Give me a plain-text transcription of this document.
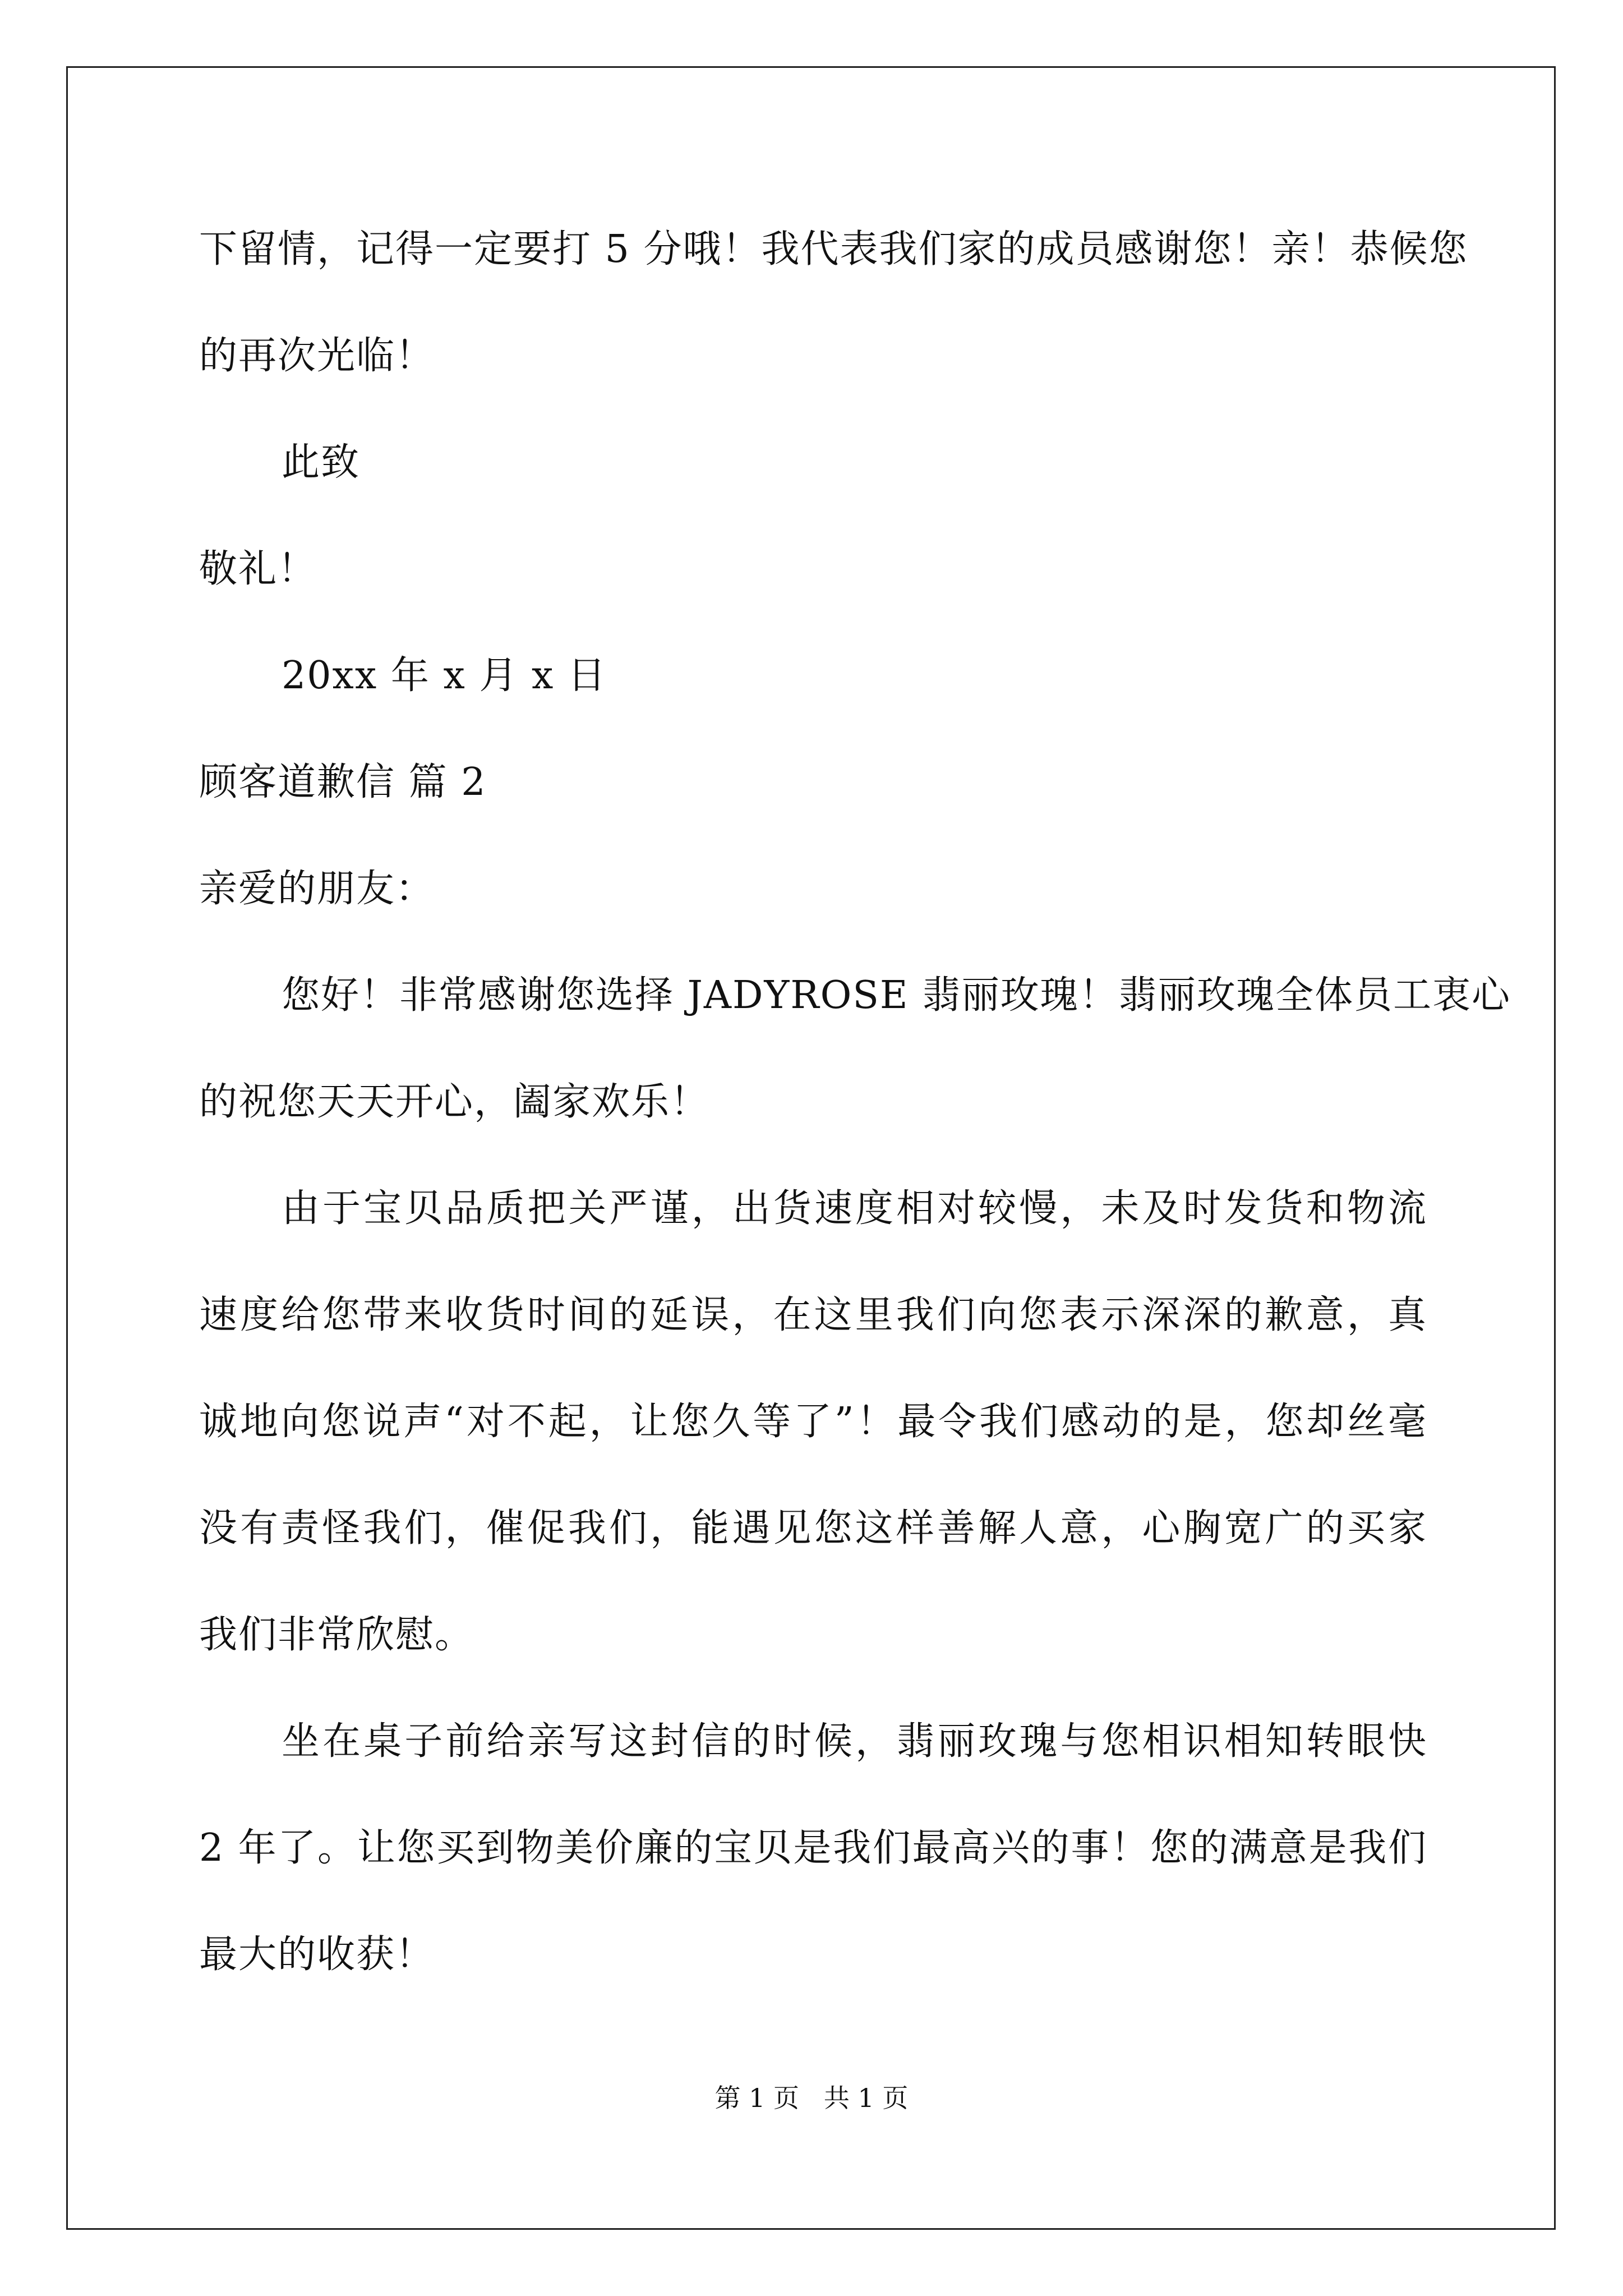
下留情，记得一定要打 5 分哦！我代表我们家的成员感谢您！亲！恭候您
的再次光临！
此致
敬礼！
20xx 年 x 月 x 日
顾客道歉信 篇 2
亲爱的朋友：
您好！非常感谢您选择 JADYROSE 翡丽玫瑰！翡丽玫瑰全体员工衷心
的祝您天天开心，阖家欢乐！
由于宝贝品质把关严谨，出货速度相对较慢，未及时发货和物流
速度给您带来收货时间的延误，在这里我们向您表示深深的歉意，真
诚地向您说声“对不起，让您久等了”！最令我们感动的是，您却丝毫
没有责怪我们，催促我们，能遇见您这样善解人意，心胸宽广的买家
我们非常欣慰。
坐在桌子前给亲写这封信的时候，翡丽玫瑰与您相识相知转眼快
2 年了。让您买到物美价廉的宝贝是我们最高兴的事！您的满意是我们
最大的收获！
第 1 页   共 1 页
